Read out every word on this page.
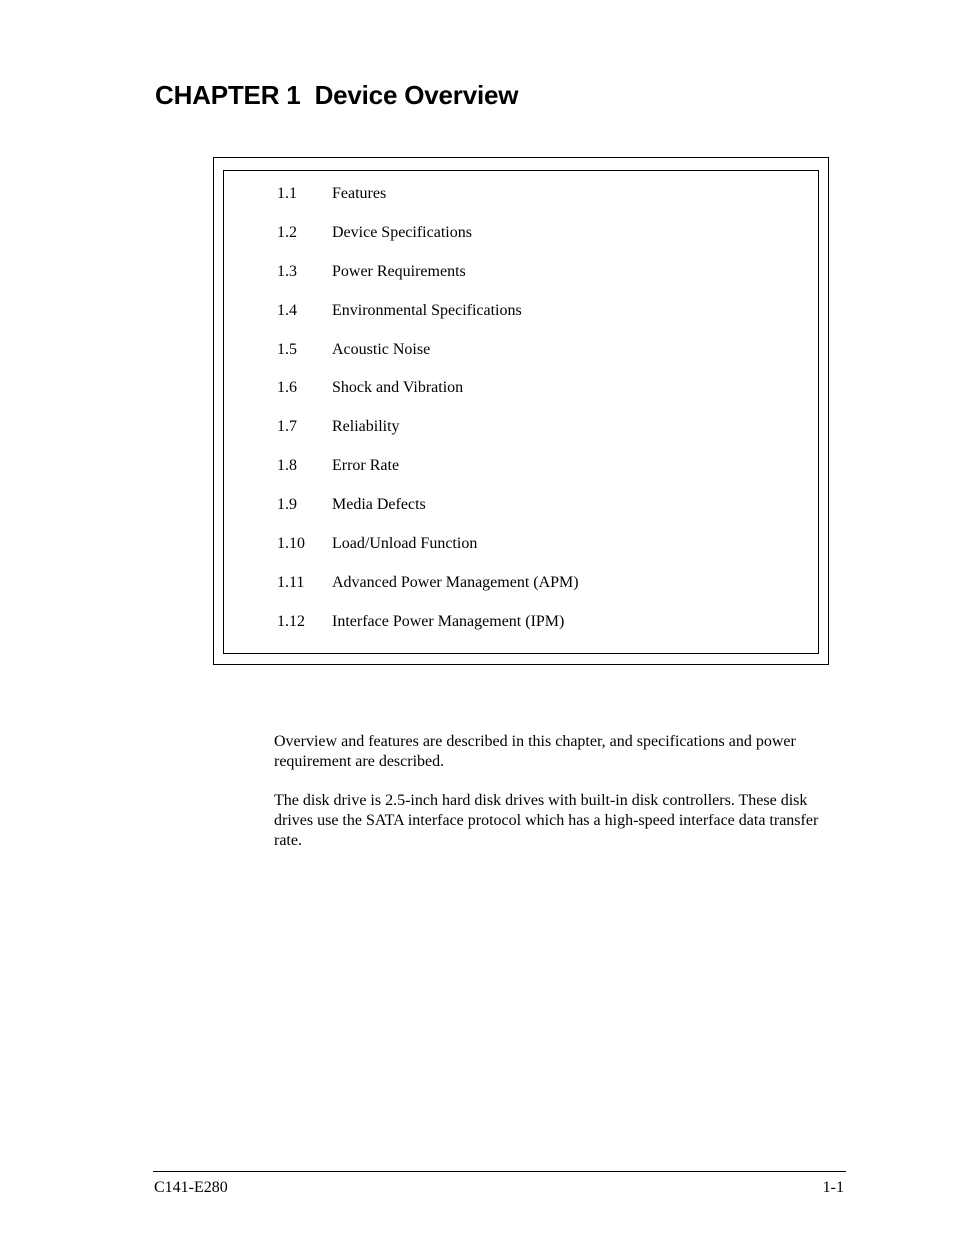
CHAPTER 1 Device Overview
1.1 Features
1.2 Device Specifications
1.3 Power Requirements
1.4 Environmental Specifications
1.5 Acoustic Noise
1.6 Shock and Vibration
1.7 Reliability
1.8 Error Rate
1.9 Media Defects
1.10 Load/Unload Function
1.11 Advanced Power Management (APM)
1.12 Interface Power Management (IPM)

Overview and features are described in this chapter, and specifications and power requirement are described.

The disk drive is 2.5-inch hard disk drives with built-in disk controllers. These disk drives use the SATA interface protocol which has a high-speed interface data transfer rate.

C141-E280	1-1
